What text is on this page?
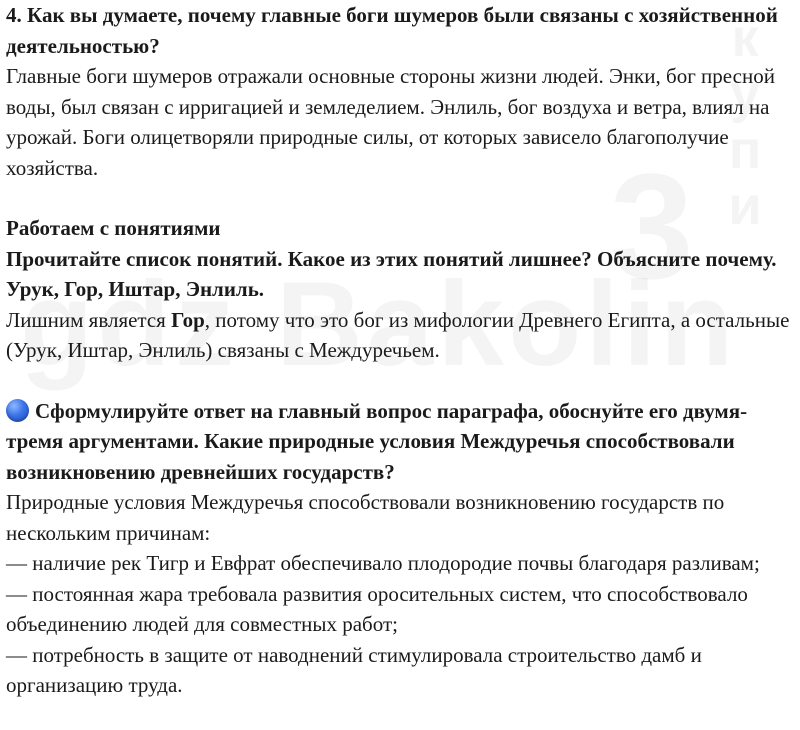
4. Как вы думаете, почему главные боги шумеров были связаны с хозяйственной деятельностью?

Главные боги шумеров отражали основные стороны жизни людей. Энки, бог пресной воды, был связан с ирригацией и земледелием. Энлиль, бог воздуха и ветра, влиял на урожай. Боги олицетворяли природные силы, от которых зависело благополучие хозяйства.

Работаем с понятиями

Прочитайте список понятий. Какое из этих понятий лишнее? Объясните почему. Урук, Гор, Иштар, Энлиль.

Лишним является Гор, потому что это бог из мифологии Древнего Египта, а остальные (Урук, Иштар, Энлиль) связаны с Междуречьем.

Сформулируйте ответ на главный вопрос параграфа, обоснуйте его двумя-тремя аргументами. Какие природные условия Междуречья способствовали возникновению древнейших государств?

Природные условия Междуречья способствовали возникновению государств по нескольким причинам:

— наличие рек Тигр и Евфрат обеспечивало плодородие почвы благодаря разливам;

— постоянная жара требовала развития оросительных систем, что способствовало объединению людей для совместных работ;

— потребность в защите от наводнений стимулировала строительство дамб и организацию труда.
